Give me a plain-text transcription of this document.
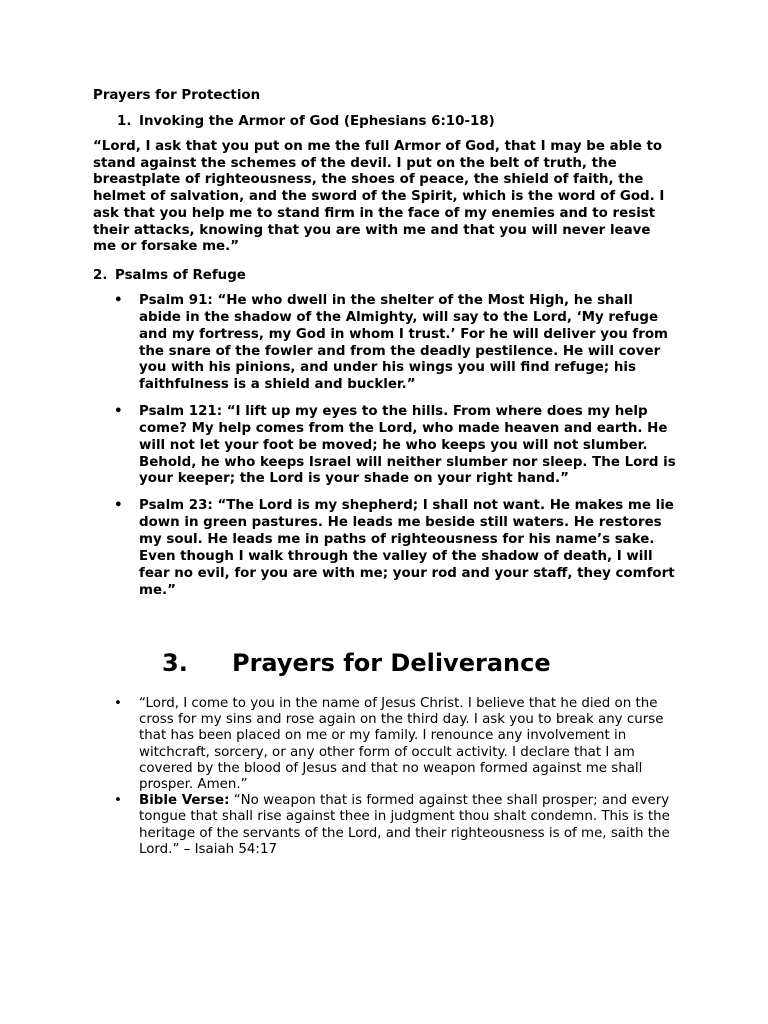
Prayers for Protection
1. Invoking the Armor of God (Ephesians 6:10-18)
“Lord, I ask that you put on me the full Armor of God, that I may be able to stand against the schemes of the devil. I put on the belt of truth, the breastplate of righteousness, the shoes of peace, the shield of faith, the helmet of salvation, and the sword of the Spirit, which is the word of God. I ask that you help me to stand firm in the face of my enemies and to resist their attacks, knowing that you are with me and that you will never leave me or forsake me.”
2. Psalms of Refuge
• Psalm 91: “He who dwell in the shelter of the Most High, he shall abide in the shadow of the Almighty, will say to the Lord, ‘My refuge and my fortress, my God in whom I trust.’ For he will deliver you from the snare of the fowler and from the deadly pestilence. He will cover you with his pinions, and under his wings you will find refuge; his faithfulness is a shield and buckler.”
• Psalm 121: “I lift up my eyes to the hills. From where does my help come? My help comes from the Lord, who made heaven and earth. He will not let your foot be moved; he who keeps you will not slumber. Behold, he who keeps Israel will neither slumber nor sleep. The Lord is your keeper; the Lord is your shade on your right hand.”
• Psalm 23: “The Lord is my shepherd; I shall not want. He makes me lie down in green pastures. He leads me beside still waters. He restores my soul. He leads me in paths of righteousness for his name’s sake. Even though I walk through the valley of the shadow of death, I will fear no evil, for you are with me; your rod and your staff, they comfort me.”
3. Prayers for Deliverance
• “Lord, I come to you in the name of Jesus Christ. I believe that he died on the cross for my sins and rose again on the third day. I ask you to break any curse that has been placed on me or my family. I renounce any involvement in witchcraft, sorcery, or any other form of occult activity. I declare that I am covered by the blood of Jesus and that no weapon formed against me shall prosper. Amen.”
• Bible Verse: “No weapon that is formed against thee shall prosper; and every tongue that shall rise against thee in judgment thou shalt condemn. This is the heritage of the servants of the Lord, and their righteousness is of me, saith the Lord.” – Isaiah 54:17
